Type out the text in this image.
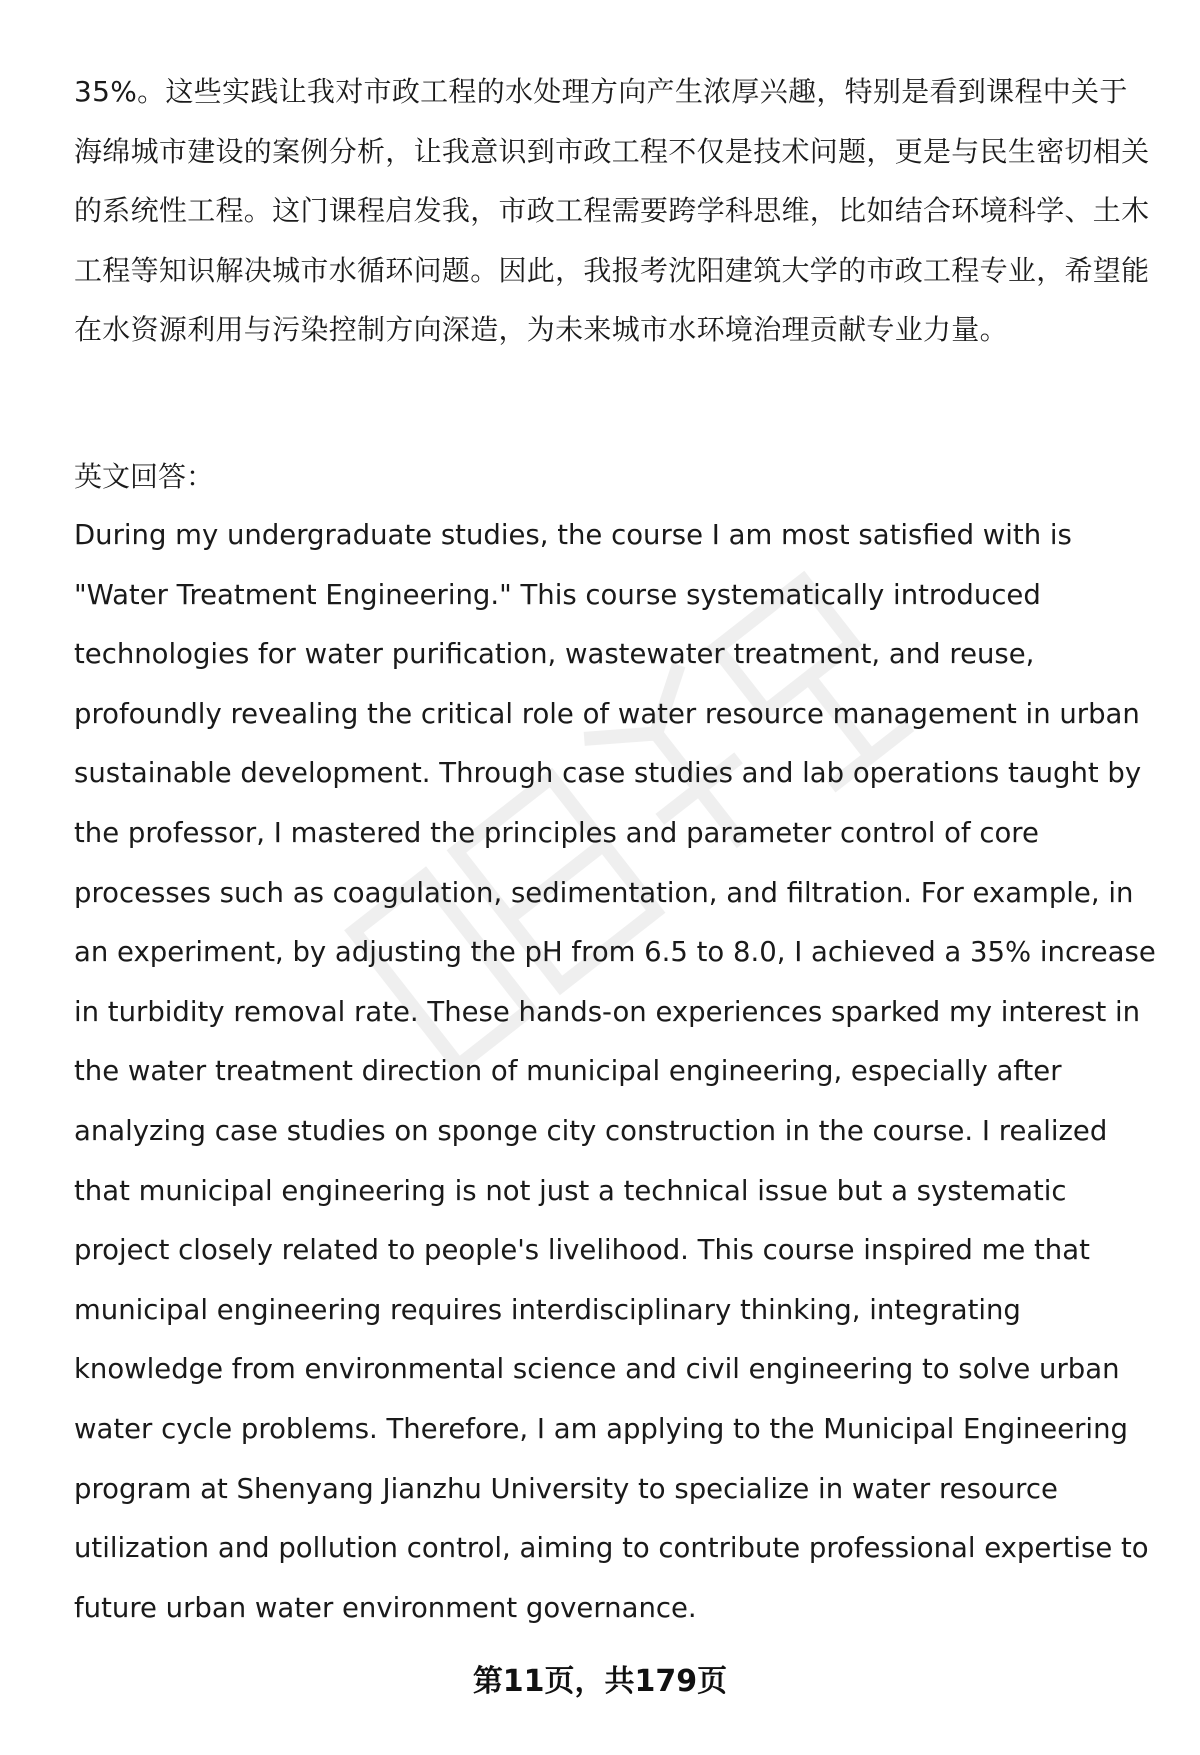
35%。这些实践让我对市政工程的水处理方向产生浓厚兴趣，特别是看到课程中关于海绵城市建设的案例分析，让我意识到市政工程不仅是技术问题，更是与民生密切相关的系统性工程。这门课程启发我，市政工程需要跨学科思维，比如结合环境科学、土木工程等知识解决城市水循环问题。因此，我报考沈阳建筑大学的市政工程专业，希望能在水资源利用与污染控制方向深造，为未来城市水环境治理贡献专业力量。

英文回答：

During my undergraduate studies, the course I am most satisfied with is "Water Treatment Engineering." This course systematically introduced technologies for water purification, wastewater treatment, and reuse, profoundly revealing the critical role of water resource management in urban sustainable development. Through case studies and lab operations taught by the professor, I mastered the principles and parameter control of core processes such as coagulation, sedimentation, and filtration. For example, in an experiment, by adjusting the pH from 6.5 to 8.0, I achieved a 35% increase in turbidity removal rate. These hands-on experiences sparked my interest in the water treatment direction of municipal engineering, especially after analyzing case studies on sponge city construction in the course. I realized that municipal engineering is not just a technical issue but a systematic project closely related to people's livelihood. This course inspired me that municipal engineering requires interdisciplinary thinking, integrating knowledge from environmental science and civil engineering to solve urban water cycle problems. Therefore, I am applying to the Municipal Engineering program at Shenyang Jianzhu University to specialize in water resource utilization and pollution control, aiming to contribute professional expertise to future urban water environment governance.

第11页，共179页
